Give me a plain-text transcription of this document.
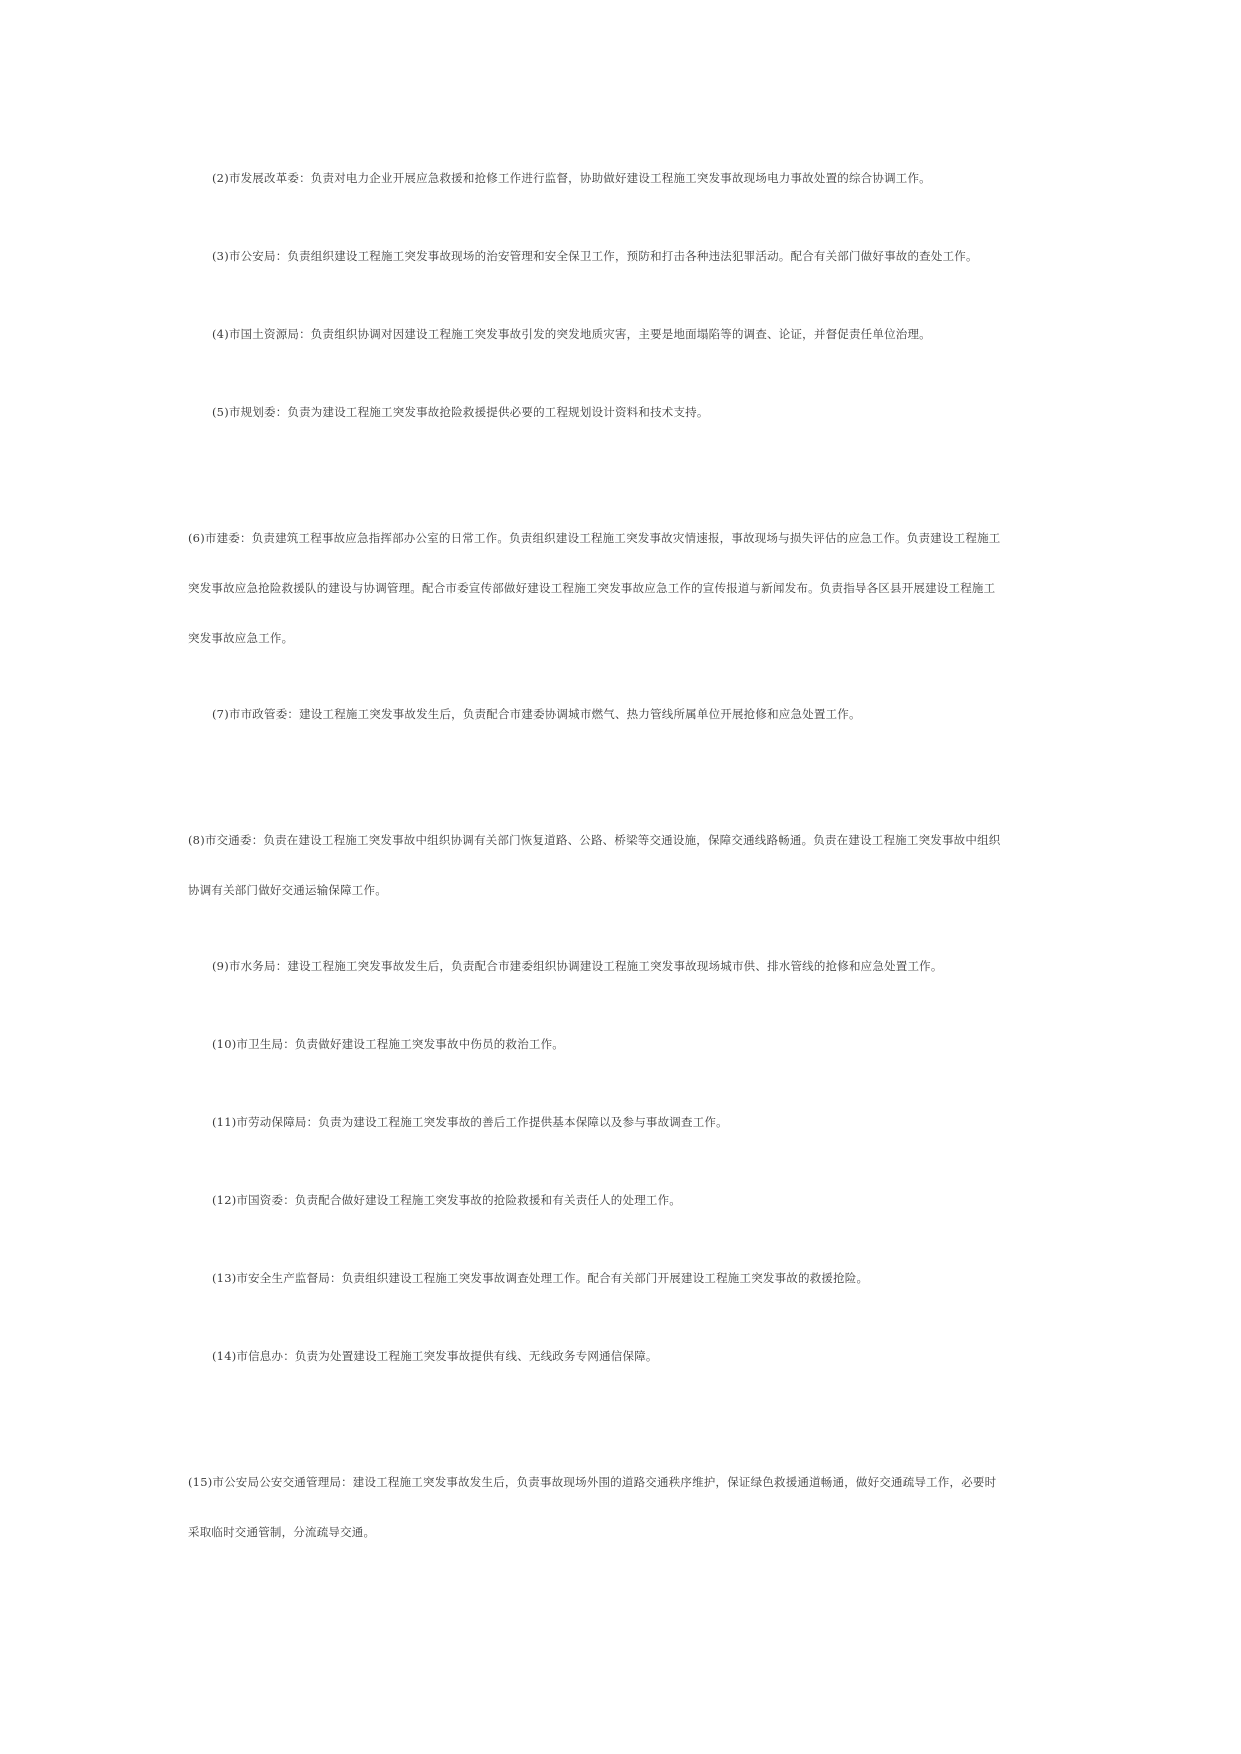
(2)市发展改革委：负责对电力企业开展应急救援和抢修工作进行监督，协助做好建设工程施工突发事故现场电力事故处置的综合协调工作。

(3)市公安局：负责组织建设工程施工突发事故现场的治安管理和安全保卫工作，预防和打击各种违法犯罪活动。配合有关部门做好事故的查处工作。

(4)市国土资源局：负责组织协调对因建设工程施工突发事故引发的突发地质灾害，主要是地面塌陷等的调查、论证，并督促责任单位治理。

(5)市规划委：负责为建设工程施工突发事故抢险救援提供必要的工程规划设计资料和技术支持。

(6)市建委：负责建筑工程事故应急指挥部办公室的日常工作。负责组织建设工程施工突发事故灾情速报，事故现场与损失评估的应急工作。负责建设工程施工
突发事故应急抢险救援队的建设与协调管理。配合市委宣传部做好建设工程施工突发事故应急工作的宣传报道与新闻发布。负责指导各区县开展建设工程施工
突发事故应急工作。

(7)市市政管委：建设工程施工突发事故发生后，负责配合市建委协调城市燃气、热力管线所属单位开展抢修和应急处置工作。

(8)市交通委：负责在建设工程施工突发事故中组织协调有关部门恢复道路、公路、桥梁等交通设施，保障交通线路畅通。负责在建设工程施工突发事故中组织
协调有关部门做好交通运输保障工作。

(9)市水务局：建设工程施工突发事故发生后，负责配合市建委组织协调建设工程施工突发事故现场城市供、排水管线的抢修和应急处置工作。

(10)市卫生局：负责做好建设工程施工突发事故中伤员的救治工作。

(11)市劳动保障局：负责为建设工程施工突发事故的善后工作提供基本保障以及参与事故调查工作。

(12)市国资委：负责配合做好建设工程施工突发事故的抢险救援和有关责任人的处理工作。

(13)市安全生产监督局：负责组织建设工程施工突发事故调查处理工作。配合有关部门开展建设工程施工突发事故的救援抢险。

(14)市信息办：负责为处置建设工程施工突发事故提供有线、无线政务专网通信保障。

(15)市公安局公安交通管理局：建设工程施工突发事故发生后，负责事故现场外围的道路交通秩序维护，保证绿色救援通道畅通，做好交通疏导工作，必要时
采取临时交通管制，分流疏导交通。
